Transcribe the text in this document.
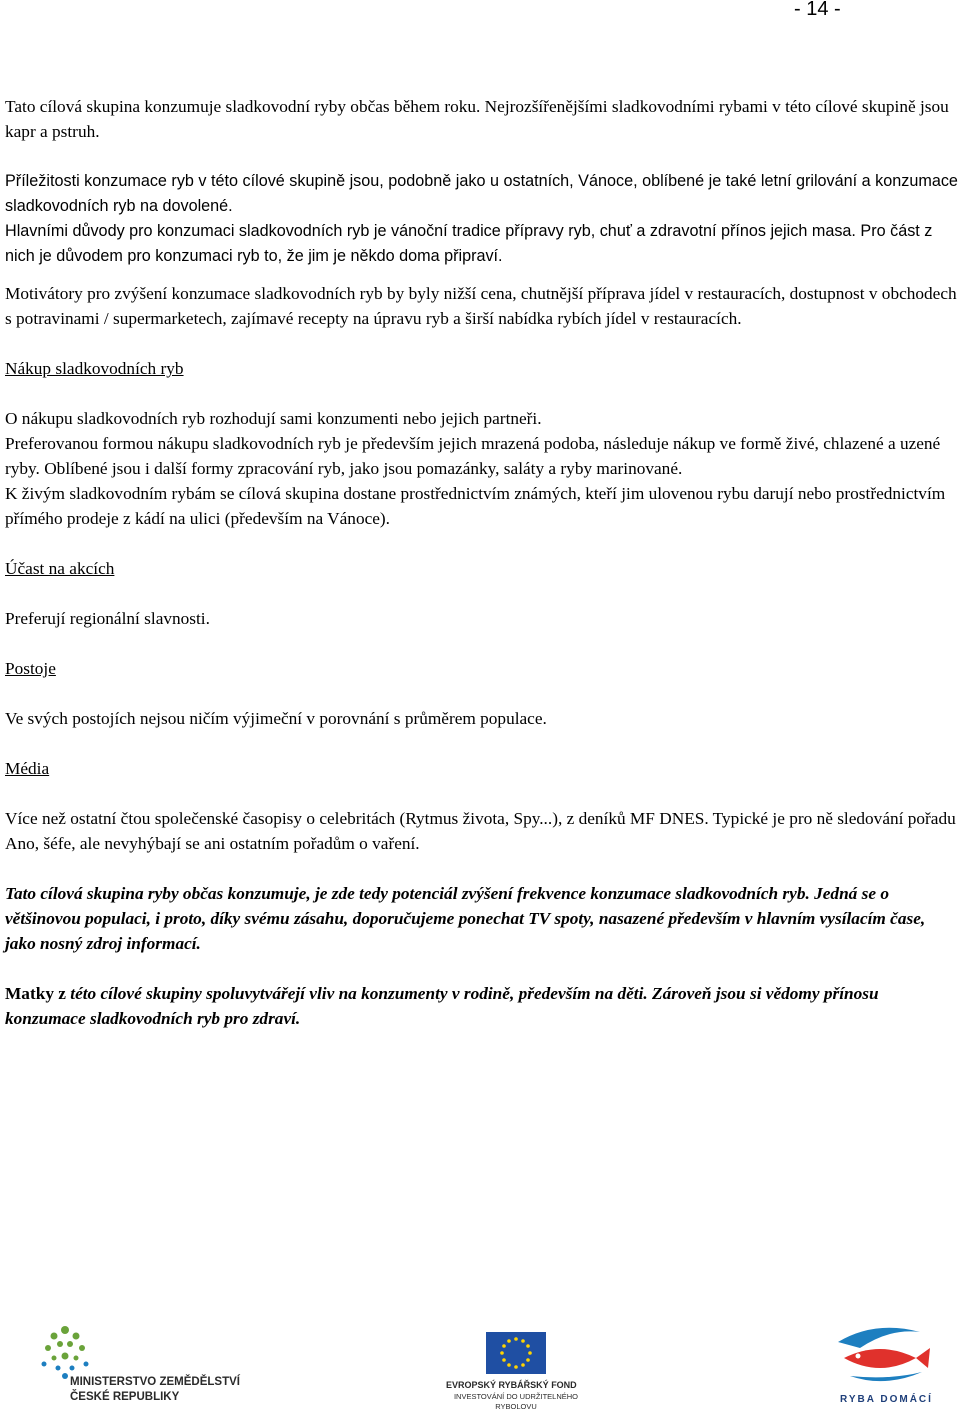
- 14 -

Tato cílová skupina konzumuje sladkovodní ryby občas během roku. Nejrozšířenějšími sladkovodními rybami v této cílové skupině jsou kapr a pstruh.

Příležitosti konzumace ryb v této cílové skupině jsou, podobně jako u ostatních, Vánoce, oblíbené je také letní grilování a konzumace sladkovodních ryb na dovolené.

Hlavními důvody pro konzumaci sladkovodních ryb je vánoční tradice přípravy ryb, chuť a zdravotní přínos jejich masa. Pro část z nich je důvodem pro konzumaci ryb to, že jim je někdo doma připraví.

Motivátory pro zvýšení konzumace sladkovodních ryb by byly nižší cena, chutnější příprava jídel v restauracích, dostupnost v obchodech s potravinami / supermarketech, zajímavé recepty na úpravu ryb a širší nabídka rybích jídel v restauracích.

Nákup sladkovodních ryb

O nákupu sladkovodních ryb rozhodují sami konzumenti nebo jejich partneři.

Preferovanou formou nákupu sladkovodních ryb je především jejich mrazená podoba, následuje nákup ve formě živé, chlazené a uzené ryby. Oblíbené jsou i další formy zpracování ryb, jako jsou pomazánky, saláty a ryby marinované.

K živým sladkovodním rybám se cílová skupina dostane prostřednictvím známých, kteří jim ulovenou rybu darují nebo prostřednictvím přímého prodeje z kádí na ulici (především na Vánoce).

Účast na akcích

Preferují regionální slavnosti.

Postoje

Ve svých postojích nejsou ničím výjimeční v porovnání s průměrem populace.

Média

Více než ostatní čtou společenské časopisy o celebritách (Rytmus života, Spy...), z deníků MF DNES. Typické je pro ně sledování pořadu Ano, šéfe, ale nevyhýbají se ani ostatním pořadům o vaření.

Tato cílová skupina ryby občas konzumuje, je zde tedy potenciál zvýšení frekvence konzumace sladkovodních ryb. Jedná se o většinovou populaci, i proto, díky svému zásahu, doporučujeme ponechat TV spoty, nasazené především v hlavním vysílacím čase, jako nosný zdroj informací.

Matky z této cílové skupiny spoluvytvářejí vliv na konzumenty v rodině, především na děti. Zároveň jsou si vědomy přínosu konzumace sladkovodních ryb pro zdraví.

MINISTERSTVO ZEMĚDĚLSTVÍ
ČESKÉ REPUBLIKY
EVROPSKÝ RYBÁŘSKÝ FOND
INVESTOVÁNÍ DO UDRŽITELNÉHO
RYBOLOVU
RYBA DOMÁCÍ
